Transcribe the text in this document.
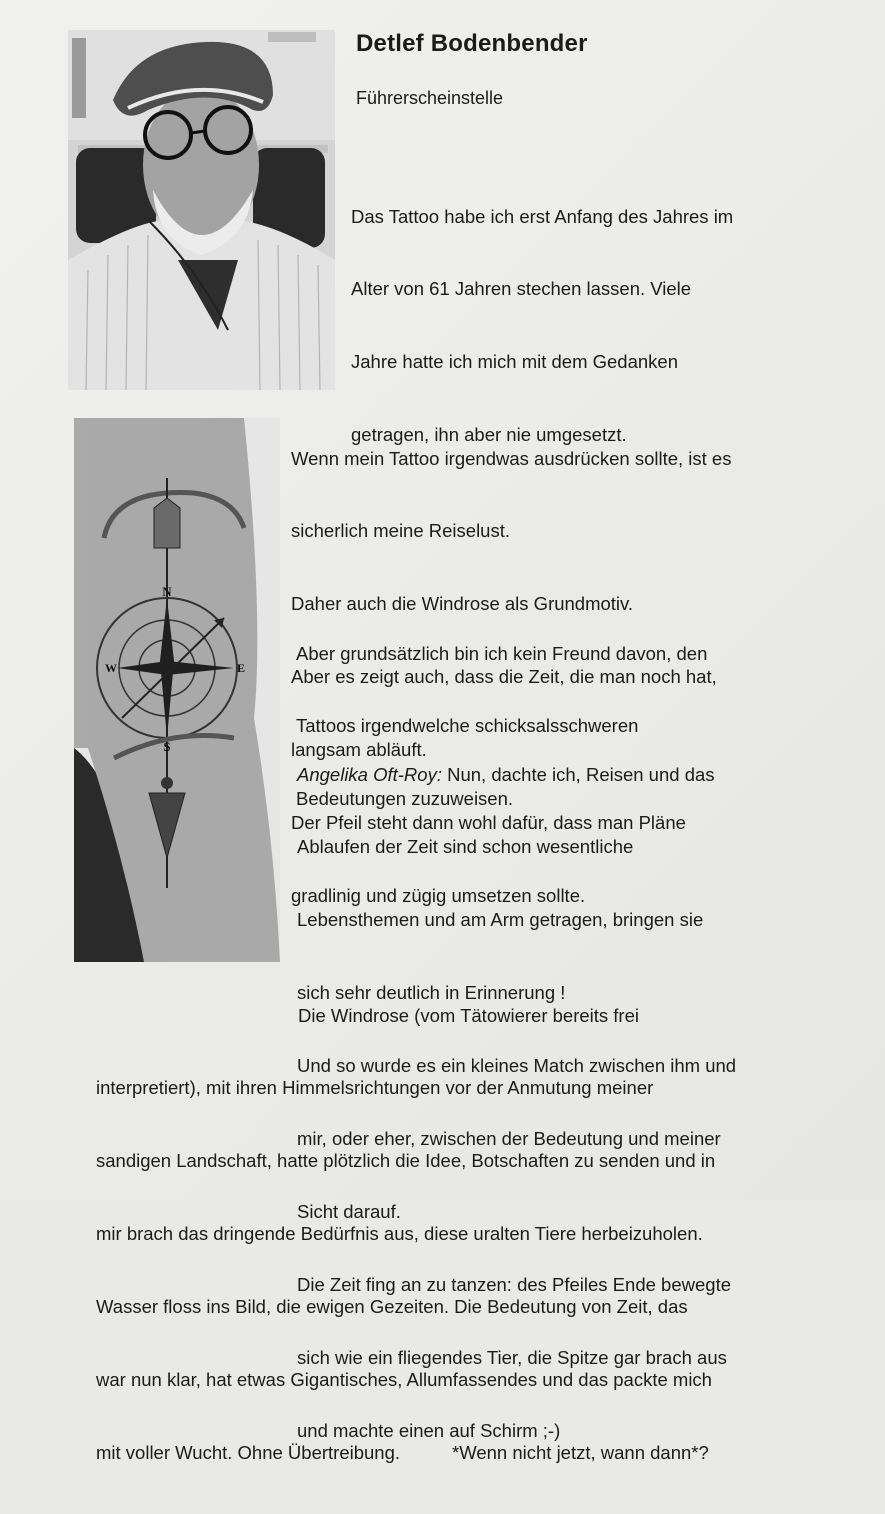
Detlef Bodenbender
Führerscheinstelle

Das Tattoo habe ich erst Anfang des Jahres im

Alter von 61 Jahren stechen lassen. Viele

Jahre hatte ich mich mit dem Gedanken

getragen, ihn aber nie umgesetzt.

N
E
S
W

Wenn mein Tattoo irgendwas ausdrücken sollte, ist es

sicherlich meine Reiselust.

Daher auch die Windrose als Grundmotiv.

Aber es zeigt auch, dass die Zeit, die man noch hat,

langsam abläuft.

Der Pfeil steht dann wohl dafür, dass man Pläne

gradlinig und zügig umsetzen sollte.

Aber grundsätzlich bin ich kein Freund davon, den

Tattoos irgendwelche schicksalsschweren

Bedeutungen zuzuweisen.

Angelika Oft-Roy: Nun, dachte ich, Reisen und das

Ablaufen der Zeit sind schon wesentliche

Lebensthemen und am Arm getragen, bringen sie

sich sehr deutlich in Erinnerung !

Und so wurde es ein kleines Match zwischen ihm und

mir, oder eher, zwischen der Bedeutung und meiner

Sicht darauf.

Die Zeit fing an zu tanzen: des Pfeiles Ende bewegte

sich wie ein fliegendes Tier, die Spitze gar brach aus

und machte einen auf Schirm ;-)

Die Windrose (vom Tätowierer bereits frei

interpretiert), mit ihren Himmelsrichtungen vor der Anmutung meiner

sandigen Landschaft, hatte plötzlich die Idee, Botschaften zu senden und in

mir brach das dringende Bedürfnis aus, diese uralten Tiere herbeizuholen.

Wasser floss ins Bild, die ewigen Gezeiten. Die Bedeutung von Zeit, das

war nun klar, hat etwas Gigantisches, Allumfassendes und das packte mich

mit voller Wucht. Ohne Übertreibung.	*Wenn nicht jetzt, wann dann*?
